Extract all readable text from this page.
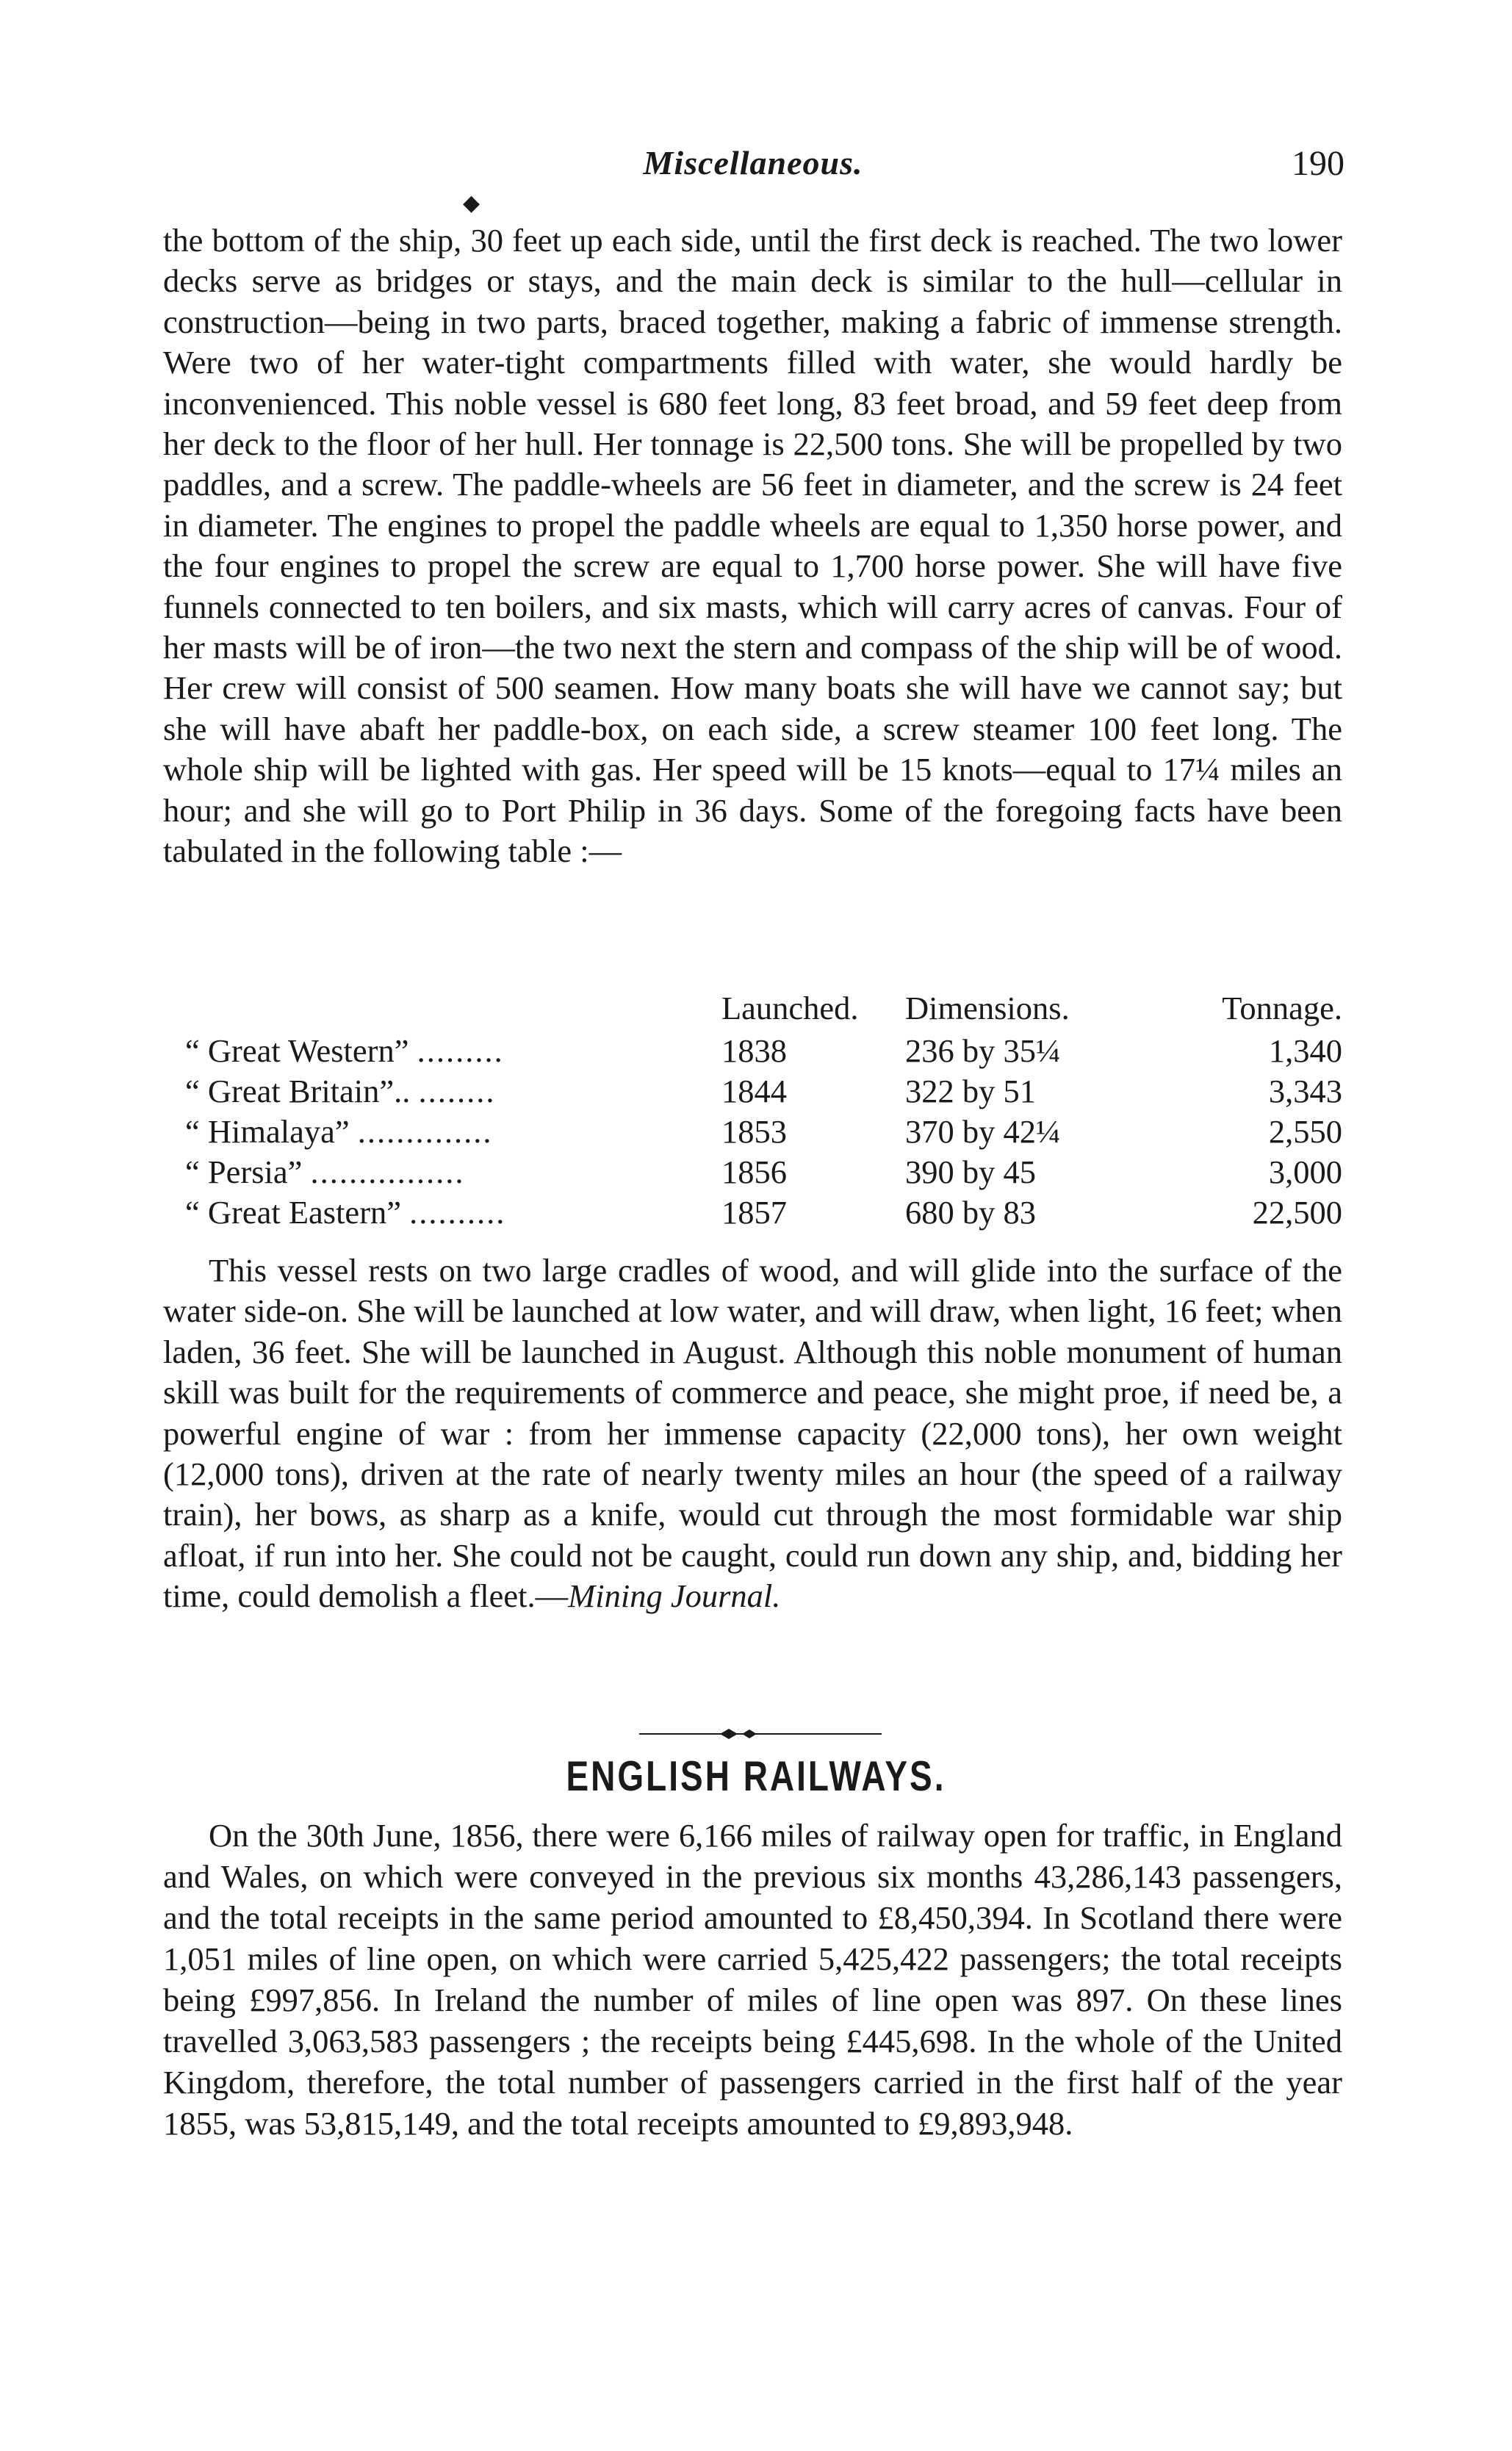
Miscellaneous.	190
◆

the bottom of the ship, 30 feet up each side, until the first deck is reached. The two lower decks serve as bridges or stays, and the main deck is similar to the hull—cellular in construction—being in two parts, braced together, making a fabric of immense strength. Were two of her water-tight compartments filled with water, she would hardly be inconvenienced. This noble vessel is 680 feet long, 83 feet broad, and 59 feet deep from her deck to the floor of her hull. Her tonnage is 22,500 tons. She will be propelled by two paddles, and a screw. The paddle-wheels are 56 feet in diameter, and the screw is 24 feet in diameter. The engines to propel the paddle wheels are equal to 1,350 horse power, and the four engines to propel the screw are equal to 1,700 horse power. She will have five funnels connected to ten boilers, and six masts, which will carry acres of canvas. Four of her masts will be of iron—the two next the stern and compass of the ship will be of wood. Her crew will consist of 500 seamen. How many boats she will have we cannot say; but she will have abaft her paddle-box, on each side, a screw steamer 100 feet long. The whole ship will be lighted with gas. Her speed will be 15 knots—equal to 17¼ miles an hour; and she will go to Port Philip in 36 days. Some of the foregoing facts have been tabulated in the following table :—

	Launched.	Dimensions.	Tonnage.
“ Great Western” .........	1838	236 by 35¼	1,340
“ Great Britain”.. ........	1844	322 by 51	3,343
“ Himalaya” ..............	1853	370 by 42¼	2,550
“ Persia” ................	1856	390 by 45	3,000
“ Great Eastern” ..........	1857	680 by 83	22,500

This vessel rests on two large cradles of wood, and will glide into the surface of the water side-on. She will be launched at low water, and will draw, when light, 16 feet; when laden, 36 feet. She will be launched in August. Although this noble monument of human skill was built for the requirements of commerce and peace, she might proe, if need be, a powerful engine of war : from her immense capacity (22,000 tons), her own weight (12,000 tons), driven at the rate of nearly twenty miles an hour (the speed of a railway train), her bows, as sharp as a knife, would cut through the most formidable war ship afloat, if run into her. She could not be caught, could run down any ship, and, bidding her time, could demolish a fleet.—Mining Journal.

ENGLISH RAILWAYS.

On the 30th June, 1856, there were 6,166 miles of railway open for traffic, in England and Wales, on which were conveyed in the previous six months 43,286,143 passengers, and the total receipts in the same period amounted to £8,450,394. In Scotland there were 1,051 miles of line open, on which were carried 5,425,422 passengers; the total receipts being £997,856. In Ireland the number of miles of line open was 897. On these lines travelled 3,063,583 passengers ; the receipts being £445,698. In the whole of the United Kingdom, therefore, the total number of passengers carried in the first half of the year 1855, was 53,815,149, and the total receipts amounted to £9,893,948.
